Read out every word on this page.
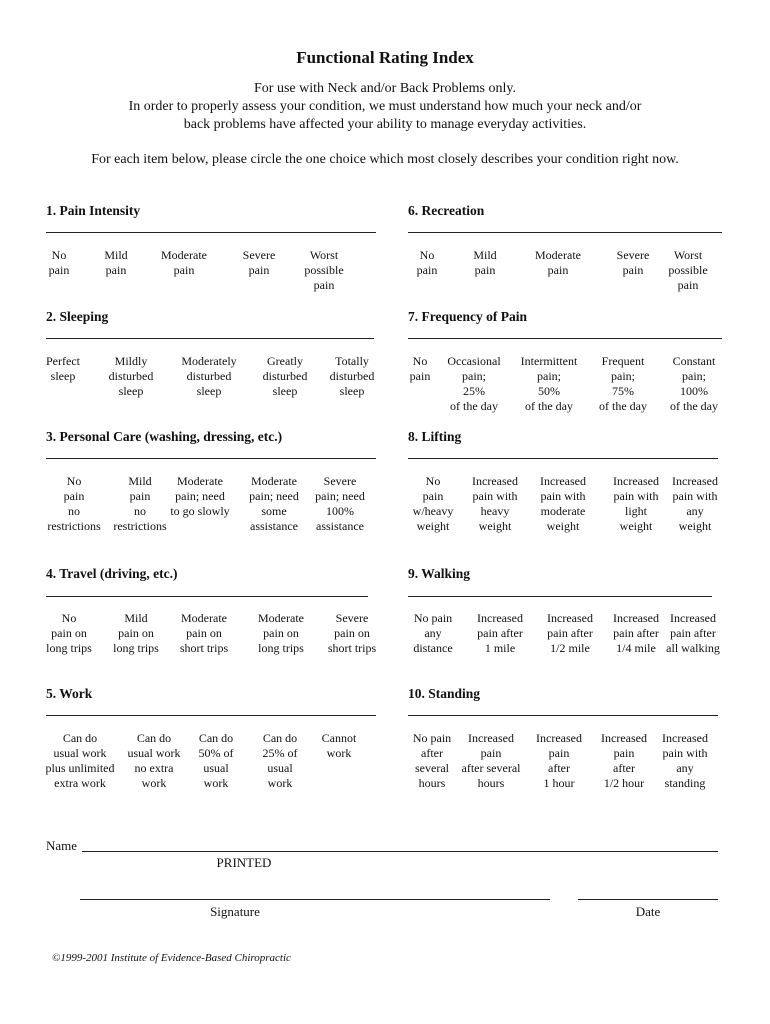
Functional Rating Index
For use with Neck and/or Back Problems only.
In order to properly assess your condition, we must understand how much your neck and/or
back problems have affected your ability to manage everyday activities.
For each item below, please circle the one choice which most closely describes your condition right now.
1. Pain Intensity
No
pain
Mild
pain
Moderate
pain
Severe
pain
Worst
possible
pain
2. Sleeping
Perfect
sleep
Mildly
disturbed
sleep
Moderately
disturbed
sleep
Greatly
disturbed
sleep
Totally
disturbed
sleep
3. Personal Care (washing, dressing, etc.)
No
pain
no
restrictions
Mild
pain
no
restrictions
Moderate
pain; need
to go slowly
Moderate
pain; need
some
assistance
Severe
pain; need
100%
assistance
4. Travel (driving, etc.)
No
pain on
long trips
Mild
pain on
long trips
Moderate
pain on
short trips
Moderate
pain on
long trips
Severe
pain on
short trips
5. Work
Can do
usual work
plus unlimited
extra work
Can do
usual work
no extra
work
Can do
50% of
usual
work
Can do
25% of
usual
work
Cannot
work
6. Recreation
No
pain
Mild
pain
Moderate
pain
Severe
pain
Worst
possible
pain
7. Frequency of Pain
No
pain
Occasional
pain;
25%
of the day
Intermittent
pain;
50%
of the day
Frequent
pain;
75%
of the day
Constant
pain;
100%
of the day
8. Lifting
No
pain
w/heavy
weight
Increased
pain with
heavy
weight
Increased
pain with
moderate
weight
Increased
pain with
light
weight
Increased
pain with
any
weight
9. Walking
No pain
any
distance
Increased
pain after
1 mile
Increased
pain after
1/2 mile
Increased
pain after
1/4 mile
Increased
pain after
all walking
10. Standing
No pain
after
several
hours
Increased
pain
after several
hours
Increased
pain
after
1 hour
Increased
pain
after
1/2 hour
Increased
pain with
any
standing
Name
PRINTED
Signature	Date
©1999-2001 Institute of Evidence-Based Chiropractic
